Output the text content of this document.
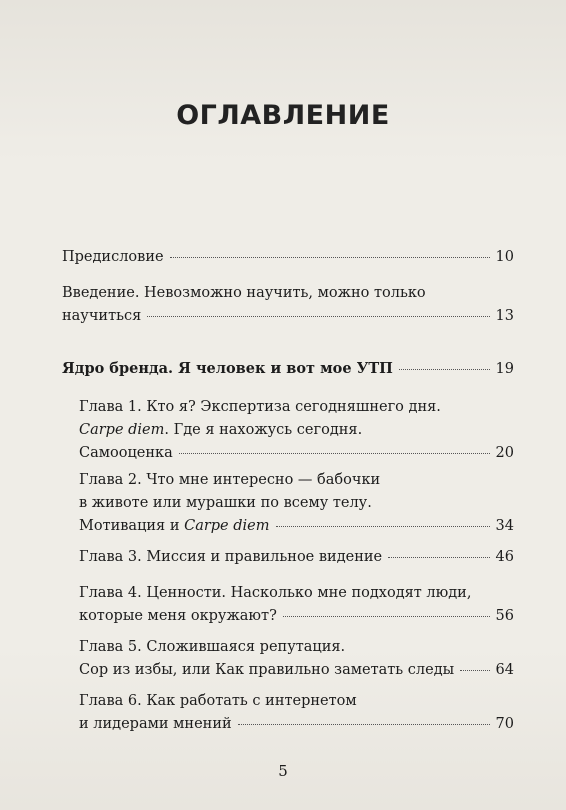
ОГЛАВЛЕНИЕ
Предисловие	10
Введение. Невозможно научить, можно только
научиться	13
Ядро бренда. Я человек и вот мое УТП	19
Глава 1. Кто я? Экспертиза сегодняшнего дня.
Carpe diem. Где я нахожусь сегодня.
Самооценка	20
Глава 2. Что мне интересно — бабочки
в животе или мурашки по всему телу.
Мотивация и Carpe diem	34
Глава 3. Миссия и правильное видение	46
Глава 4. Ценности. Насколько мне подходят люди,
которые меня окружают?	56
Глава 5. Сложившаяся репутация.
Сор из избы, или Как правильно заметать следы	64
Глава 6. Как работать с интернетом
и лидерами мнений	70
5
